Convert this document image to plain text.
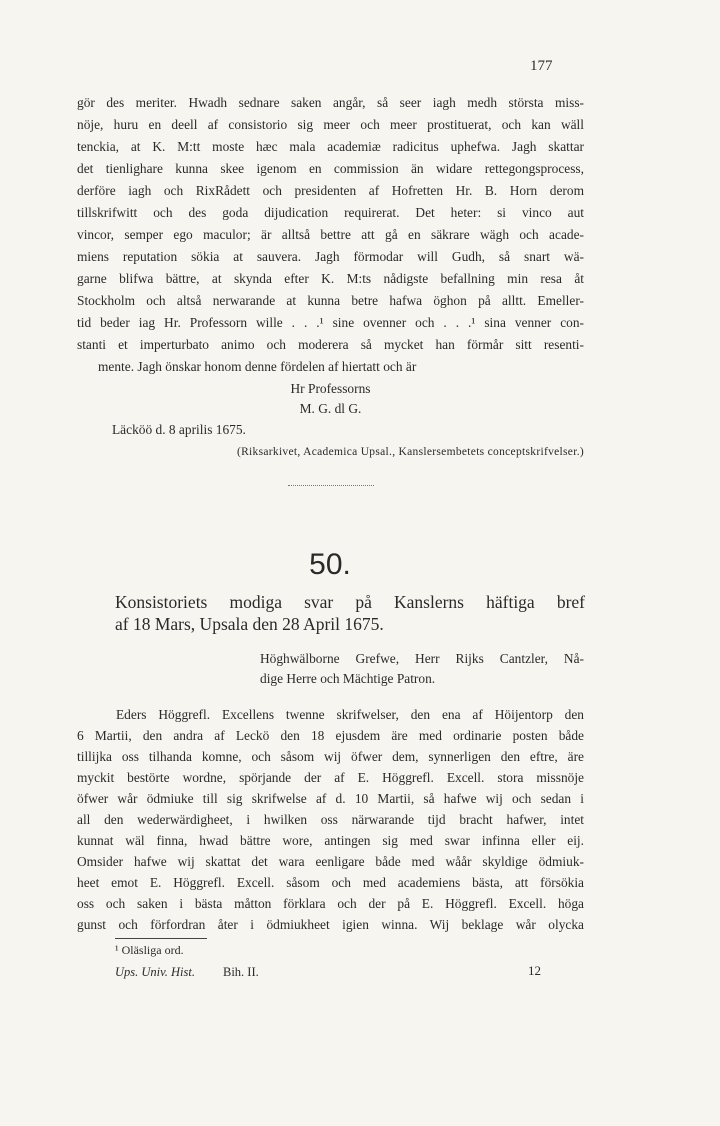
177
gör des meriter. Hwadh sednare saken angår, så seer iagh medh största miss-
nöje, huru en deell af consistorio sig meer och meer prostituerat, och kan wäll
tenckia, at K. M:tt moste hæc mala academiæ radicitus uphefwa. Jagh skattar
det tienlighare kunna skee igenom en commission än widare rettegongsprocess,
derföre iagh och RixRådett och presidenten af Hofretten Hr. B. Horn derom
tillskrifwitt och des goda dijudication requirerat. Det heter: si vinco aut
vincor, semper ego maculor; är alltså bettre att gå en säkrare wägh och acade-
miens reputation sökia at sauvera. Jagh förmodar will Gudh, så snart wä-
garne blifwa bättre, at skynda efter K. M:ts nådigste befallning min resa åt
Stockholm och altså nerwarande at kunna betre hafwa öghon på alltt. Emeller-
tid beder iag Hr. Professorn wille . . .¹ sine ovenner och . . .¹ sina venner con-
stanti et imperturbato animo och moderera så mycket han förmår sitt resenti-
mente. Jagh önskar honom denne fördelen af hiertatt och är
Hr Professorns
M. G. dl G.
Läcköö d. 8 aprilis 1675.
(Riksarkivet, Academica Upsal., Kanslersembetets conceptskrifvelser.)
50.
Konsistoriets modiga svar på Kanslerns häftiga bref
af 18 Mars, Upsala den 28 April 1675.
Höghwälborne Grefwe, Herr Rijks Cantzler, Nå-
dige Herre och Mächtige Patron.
Eders Höggrefl. Excellens twenne skrifwelser, den ena af Höijentorp den
6 Martii, den andra af Leckö den 18 ejusdem äre med ordinarie posten både
tillijka oss tilhanda komne, och såsom wij öfwer dem, synnerligen den eftre, äre
myckit bestörte wordne, spörjande der af E. Höggrefl. Excell. stora missnöje
öfwer wår ödmiuke till sig skrifwelse af d. 10 Martii, så hafwe wij och sedan i
all den wederwärdigheet, i hwilken oss närwarande tijd bracht hafwer, intet
kunnat wäl finna, hwad bättre wore, antingen sig med swar infinna eller eij.
Omsider hafwe wij skattat det wara eenligare både med wåår skyldige ödmiuk-
heet emot E. Höggrefl. Excell. såsom och med academiens bästa, att försökia
oss och saken i bästa måtton förklara och der på E. Höggrefl. Excell. höga
gunst och förfordran åter i ödmiukheet igien winna. Wij beklage wår olycka
¹ Oläsliga ord.
Ups. Univ. Hist. Bih. II.	12
